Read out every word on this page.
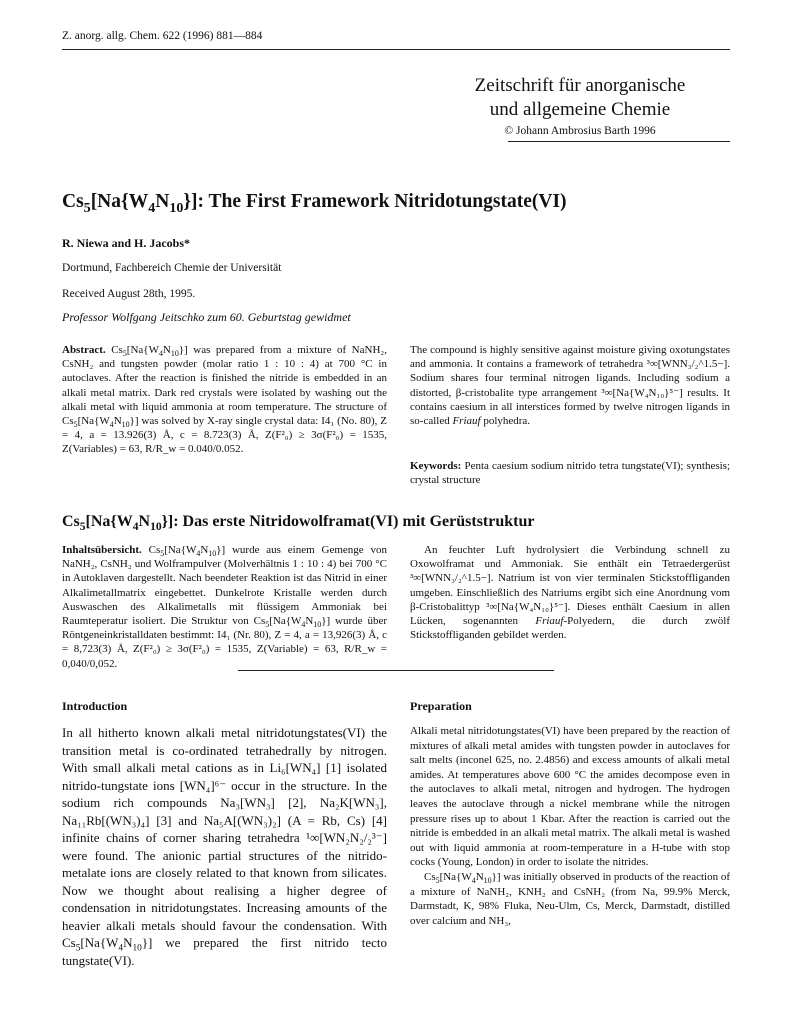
Z. anorg. allg. Chem. 622 (1996) 881—884
Zeitschrift für anorganische
und allgemeine Chemie
© Johann Ambrosius Barth 1996
$Cs_5[Na\{W_4N_{10}\}]$: The First Framework Nitridotungstate(VI)
R. Niewa and H. Jacobs*
Dortmund, Fachbereich Chemie der Universität
Received August 28th, 1995.
Professor Wolfgang Jeitschko zum 60. Geburtstag gewidmet
Abstract. $Cs_5[Na\{W_4N_{10}\}]$ was prepared from a mixture of NaNH₂, CsNH₂ and tungsten powder (molar ratio 1 : 10 : 4) at 700 °C in autoclaves. After the reaction is finished the nitride is embedded in an alkali metal matrix. Dark red crystals were isolated by washing out the alkali metal with liquid ammonia at room temperature. The structure of $Cs_5[Na\{W_4N_{10}\}]$ was solved by X-ray single crystal data: I4₁ (No. 80), Z = 4, a = 13.926(3) Å, c = 8.723(3) Å, Z(F²₀) ≥ 3σ(F²₀) = 1535, Z(Variables) = 63, R/R_w = 0.040/0.052.
The compound is highly sensitive against moisture giving oxotungstates and ammonia. It contains a framework of tetrahedra ³∞[WNN₃/₂^1.5−]. Sodium shares four terminal nitrogen ligands. Including sodium a distorted, β-cristobalite type arrangement ³∞[Na{W₄N₁₀}⁵⁻] results. It contains caesium in all interstices formed by twelve nitrogen ligands in so-called Friauf polyhedra.
Keywords: Penta caesium sodium nitrido tetra tungstate(VI); synthesis; crystal structure
$Cs_5[Na\{W_4N_{10}\}]$: Das erste Nitridowolframat(VI) mit Gerüststruktur
Inhaltsübersicht. $Cs_5[Na\{W_4N_{10}\}]$ wurde aus einem Gemenge von NaNH₂, CsNH₂ und Wolframpulver (Molverhältnis 1 : 10 : 4) bei 700 °C in Autoklaven dargestellt. Nach beendeter Reaktion ist das Nitrid in einer Alkalimetallmatrix eingebettet. Dunkelrote Kristalle werden durch Auswaschen des Alkalimetalls mit flüssigem Ammoniak bei Raumteperatur isoliert. Die Struktur von $Cs_5[Na\{W_4N_{10}\}]$ wurde über Röntgeneinkristalldaten bestimmt: I4₁ (Nr. 80), Z = 4, a = 13,926(3) Å, c = 8,723(3) Å, Z(F²₀) ≥ 3σ(F²₀) = 1535, Z(Variable) = 63, R/R_w = 0,040/0,052.
An feuchter Luft hydrolysiert die Verbindung schnell zu Oxowolframat und Ammoniak. Sie enthält ein Tetraedergerüst ³∞[WNN₃/₂^1.5−]. Natrium ist von vier terminalen Stickstoffliganden umgeben. Einschließlich des Natriums ergibt sich eine Anordnung vom β-Cristobalittyp ³∞[Na{W₄N₁₀}⁵⁻]. Dieses enthält Caesium in allen Lücken, sogenannten Friauf-Polyedern, die durch zwölf Stickstoffliganden gebildet werden.
Introduction	Preparation
In all hitherto known alkali metal nitridotungstates(VI) the transition metal is co-ordinated tetrahedrally by nitrogen. With small alkali metal cations as in Li₆[WN₄] [1] isolated nitrido-tungstate ions [WN₄]⁶⁻ occur in the structure. In the sodium rich compounds Na₃[WN₃] [2], Na₂K[WN₃], Na₁₁Rb[(WN₃)₄] [3] and Na₅A[(WN₃)₂] (A = Rb, Cs) [4] infinite chains of corner sharing tetrahedra ¹∞[WN₂N₂/₂³⁻] were found. The anionic partial structures of the nitrido-metalate ions are closely related to that known from silicates. Now we thought about realising a higher degree of condensation in nitridotungstates. Increasing amounts of the heavier alkali metals should favour the condensation. With $Cs_5[Na\{W_4N_{10}\}]$ we prepared the first nitrido tecto tungstate(VI).
Alkali metal nitridotungstates(VI) have been prepared by the reaction of mixtures of alkali metal amides with tungsten powder in autoclaves for salt melts (inconel 625, no. 2.4856) and excess amounts of alkali metal amides. At temperatures above 600 °C the amides decompose even in the autoclaves to alkali metal, nitrogen and hydrogen. The hydrogen leaves the autoclave through a nickel membrane while the nitrogen pressure rises up to about 1 Kbar. After the reaction is carried out the nitride is embedded in an alkali metal matrix. The alkali metal is washed out with liquid ammonia at room-temperature in a H-tube with stop cocks (Young, London) in order to isolate the nitrides.
$Cs_5[Na\{W_4N_{10}\}]$ was initially observed in products of the reaction of a mixture of NaNH₂, KNH₂ and CsNH₂ (from Na, 99.9% Merck, Darmstadt, K, 98% Fluka, Neu-Ulm, Cs, Merck, Darmstadt, distilled over calcium and NH₃,
